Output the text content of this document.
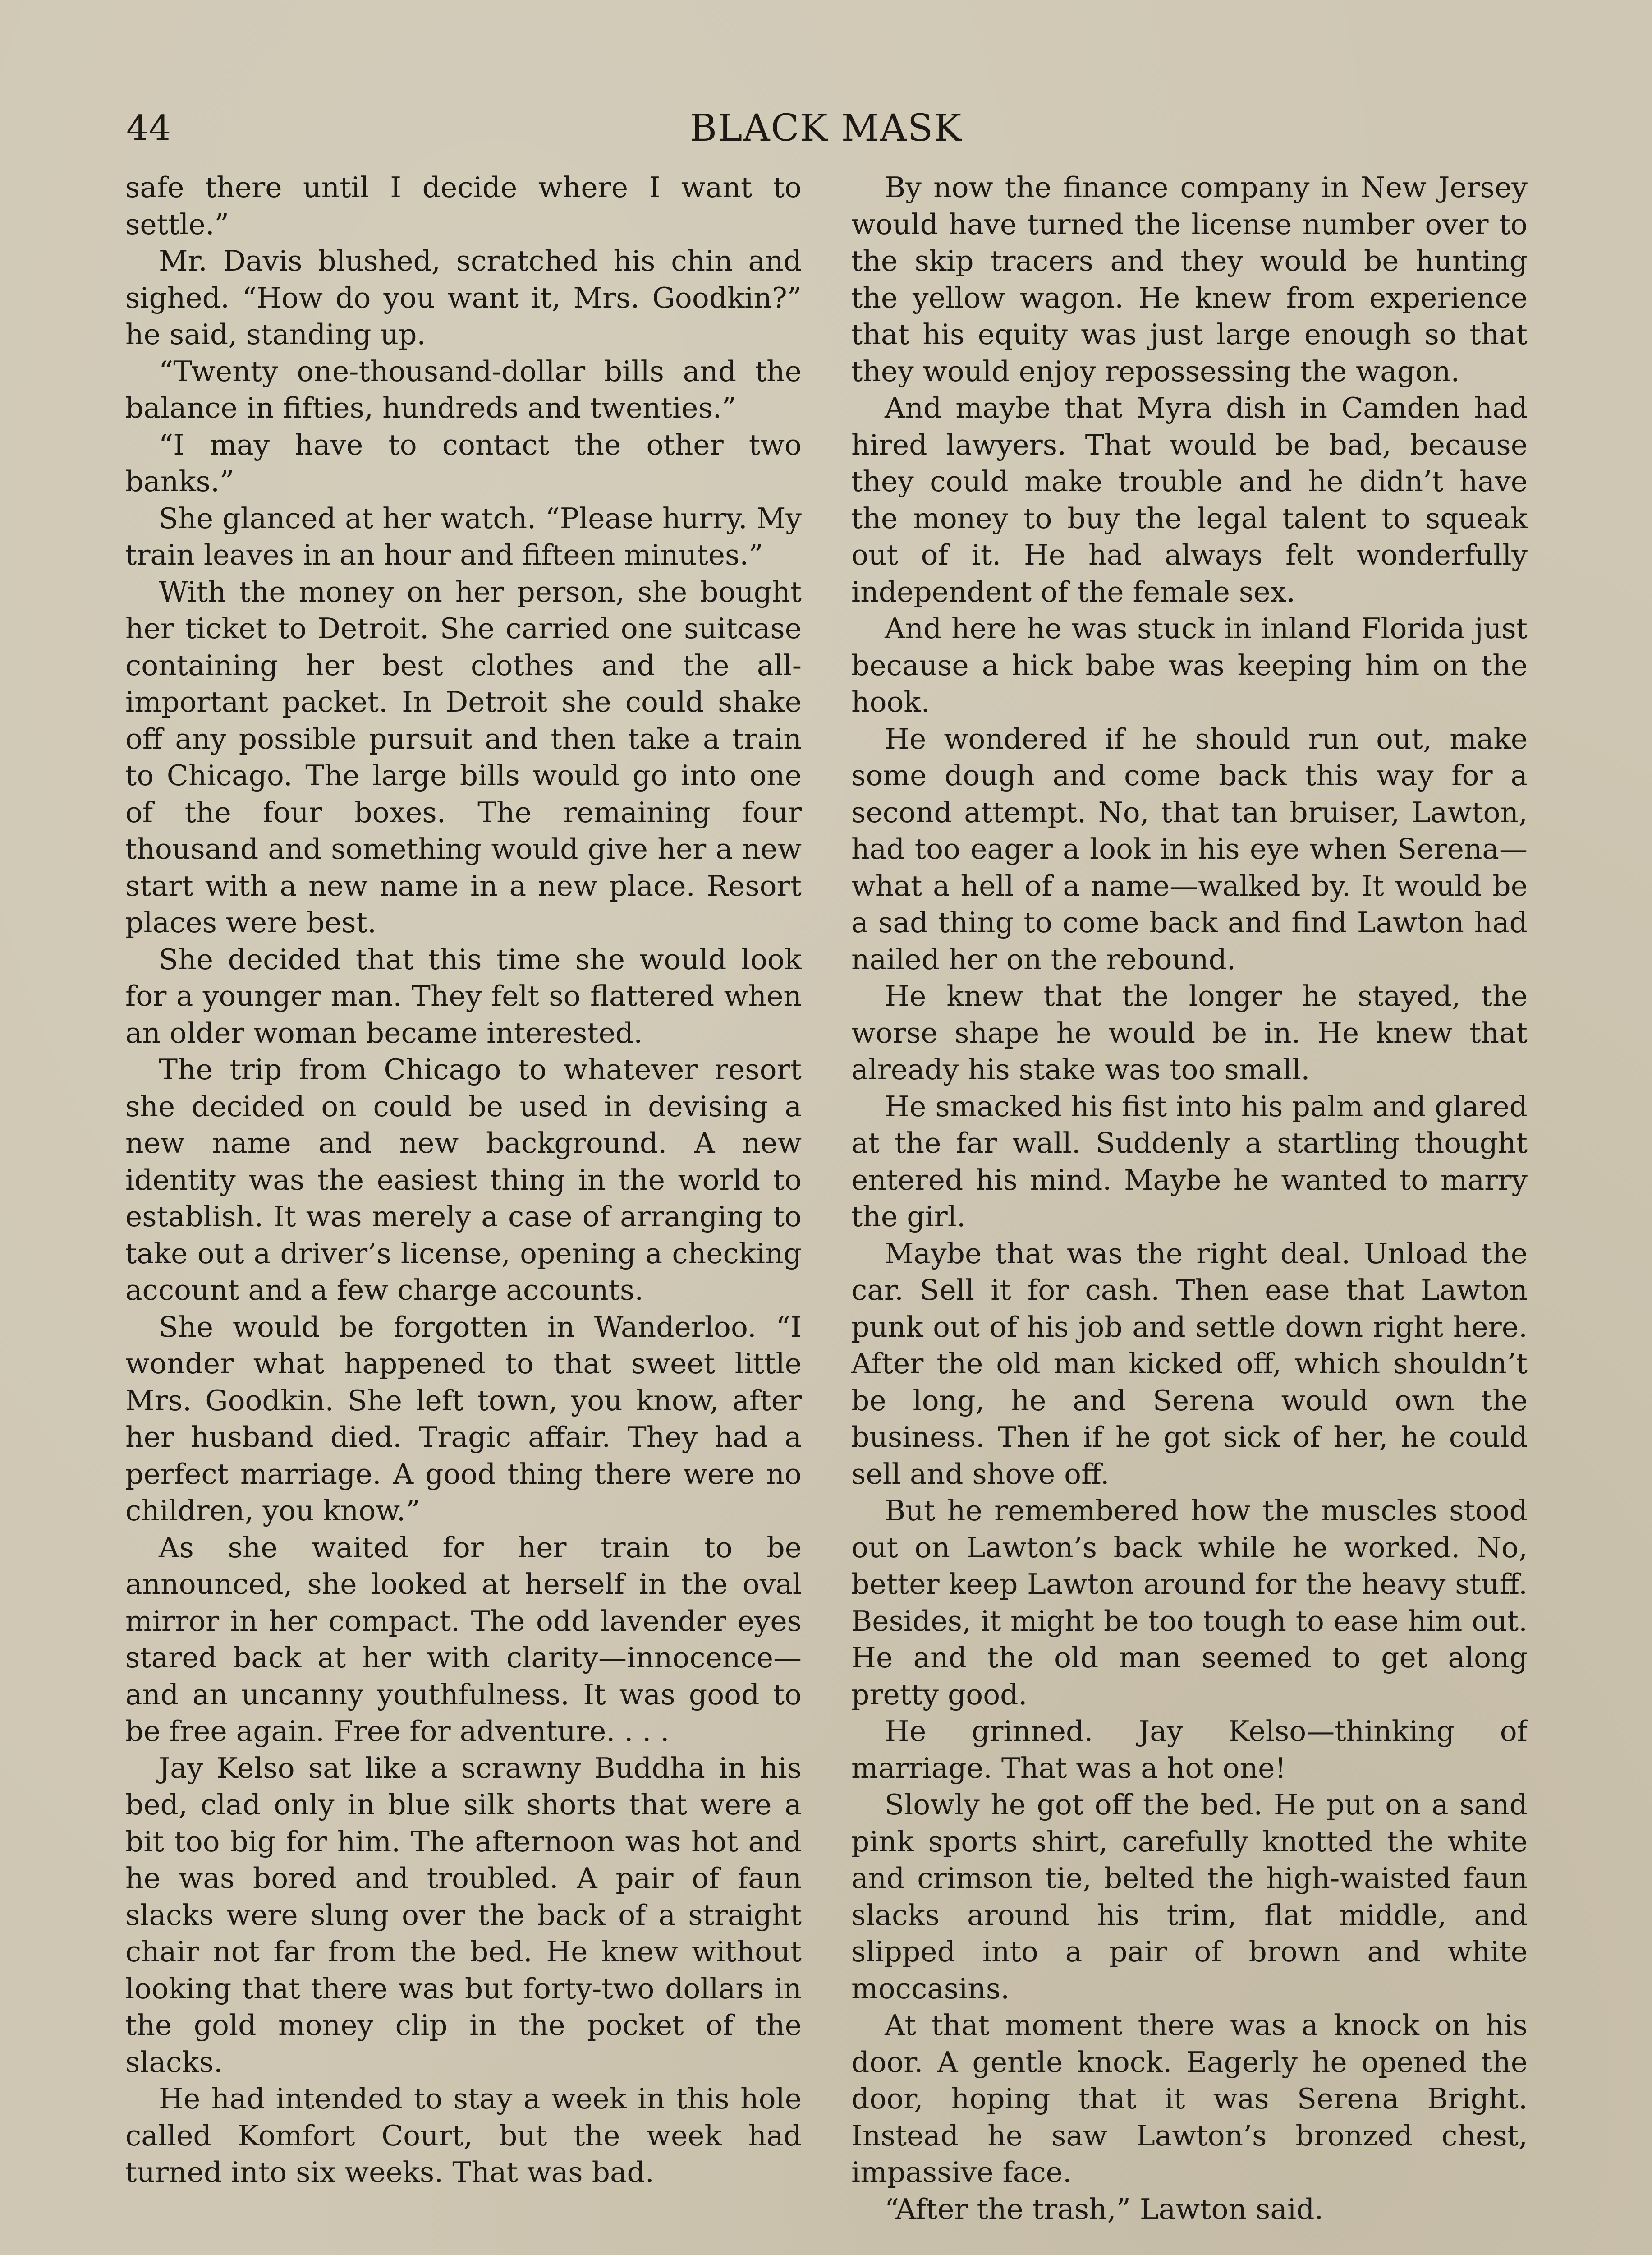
44	BLACK MASK

safe there until I decide where I want to settle.”

Mr. Davis blushed, scratched his chin and sighed. “How do you want it, Mrs. Goodkin?” he said, standing up.

“Twenty one-thousand-dollar bills and the balance in fifties, hundreds and twenties.”

“I may have to contact the other two banks.”

She glanced at her watch. “Please hurry. My train leaves in an hour and fifteen minutes.”

With the money on her person, she bought her ticket to Detroit. She carried one suitcase containing her best clothes and the all-important packet. In Detroit she could shake off any possible pursuit and then take a train to Chicago. The large bills would go into one of the four boxes. The remaining four thousand and something would give her a new start with a new name in a new place. Resort places were best.

She decided that this time she would look for a younger man. They felt so flattered when an older woman became interested.

The trip from Chicago to whatever resort she decided on could be used in devising a new name and new background. A new identity was the easiest thing in the world to establish. It was merely a case of arranging to take out a driver’s license, opening a checking account and a few charge accounts.

She would be forgotten in Wanderloo. “I wonder what happened to that sweet little Mrs. Goodkin. She left town, you know, after her husband died. Tragic affair. They had a perfect marriage. A good thing there were no children, you know.”

As she waited for her train to be announced, she looked at herself in the oval mirror in her compact. The odd lavender eyes stared back at her with clarity—innocence—and an uncanny youthfulness. It was good to be free again. Free for adventure. . . .

Jay Kelso sat like a scrawny Buddha in his bed, clad only in blue silk shorts that were a bit too big for him. The afternoon was hot and he was bored and troubled. A pair of faun slacks were slung over the back of a straight chair not far from the bed. He knew without looking that there was but forty-two dollars in the gold money clip in the pocket of the slacks.

He had intended to stay a week in this hole called Komfort Court, but the week had turned into six weeks. That was bad.

By now the finance company in New Jersey would have turned the license number over to the skip tracers and they would be hunting the yellow wagon. He knew from experience that his equity was just large enough so that they would enjoy repossessing the wagon.

And maybe that Myra dish in Camden had hired lawyers. That would be bad, because they could make trouble and he didn’t have the money to buy the legal talent to squeak out of it. He had always felt wonderfully independent of the female sex.

And here he was stuck in inland Florida just because a hick babe was keeping him on the hook.

He wondered if he should run out, make some dough and come back this way for a second attempt. No, that tan bruiser, Lawton, had too eager a look in his eye when Serena—what a hell of a name—walked by. It would be a sad thing to come back and find Lawton had nailed her on the rebound.

He knew that the longer he stayed, the worse shape he would be in. He knew that already his stake was too small.

He smacked his fist into his palm and glared at the far wall. Suddenly a startling thought entered his mind. Maybe he wanted to marry the girl.

Maybe that was the right deal. Unload the car. Sell it for cash. Then ease that Lawton punk out of his job and settle down right here. After the old man kicked off, which shouldn’t be long, he and Serena would own the business. Then if he got sick of her, he could sell and shove off.

But he remembered how the muscles stood out on Lawton’s back while he worked. No, better keep Lawton around for the heavy stuff. Besides, it might be too tough to ease him out. He and the old man seemed to get along pretty good.

He grinned. Jay Kelso—thinking of marriage. That was a hot one!

Slowly he got off the bed. He put on a sand pink sports shirt, carefully knotted the white and crimson tie, belted the high-waisted faun slacks around his trim, flat middle, and slipped into a pair of brown and white moccasins.

At that moment there was a knock on his door. A gentle knock. Eagerly he opened the door, hoping that it was Serena Bright. Instead he saw Lawton’s bronzed chest, impassive face.

“After the trash,” Lawton said.
